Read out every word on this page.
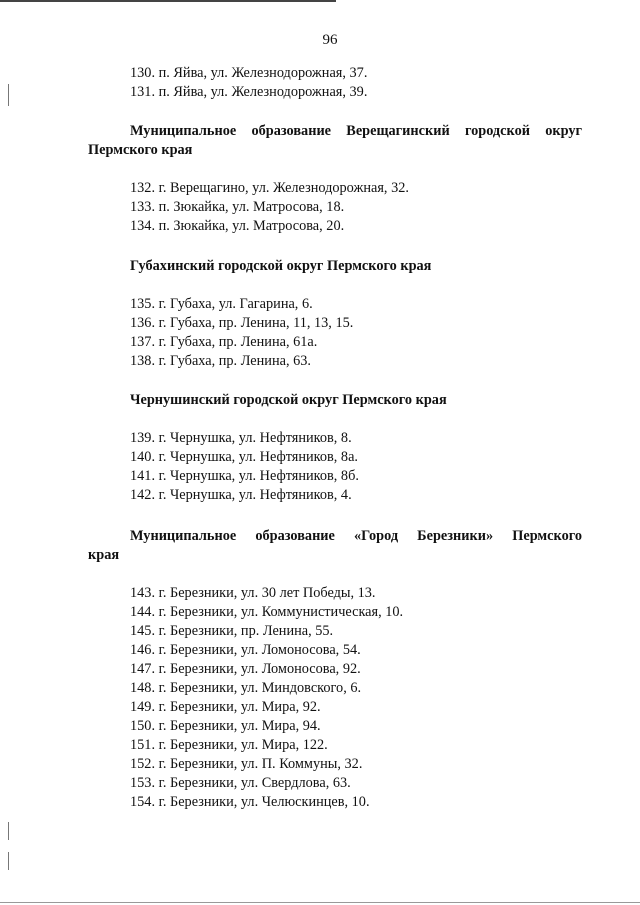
96
130. п. Яйва, ул. Железнодорожная, 37.
131. п. Яйва, ул. Железнодорожная, 39.
Муниципальное образование Верещагинский городской округ
Пермского края
132. г. Верещагино, ул. Железнодорожная, 32.
133. п. Зюкайка, ул. Матросова, 18.
134. п. Зюкайка, ул. Матросова, 20.
Губахинский городской округ Пермского края
135. г. Губаха, ул. Гагарина, 6.
136. г. Губаха, пр. Ленина, 11, 13, 15.
137. г. Губаха, пр. Ленина, 61а.
138. г. Губаха, пр. Ленина, 63.
Чернушинский городской округ Пермского края
139. г. Чернушка, ул. Нефтяников, 8.
140. г. Чернушка, ул. Нефтяников, 8а.
141. г. Чернушка, ул. Нефтяников, 8б.
142. г. Чернушка, ул. Нефтяников, 4.
Муниципальное образование «Город Березники» Пермского
края
143. г. Березники, ул. 30 лет Победы, 13.
144. г. Березники, ул. Коммунистическая, 10.
145. г. Березники, пр. Ленина, 55.
146. г. Березники, ул. Ломоносова, 54.
147. г. Березники, ул. Ломоносова, 92.
148. г. Березники, ул. Миндовского, 6.
149. г. Березники, ул. Мира, 92.
150. г. Березники, ул. Мира, 94.
151. г. Березники, ул. Мира, 122.
152. г. Березники, ул. П. Коммуны, 32.
153. г. Березники, ул. Свердлова, 63.
154. г. Березники, ул. Челюскинцев, 10.
